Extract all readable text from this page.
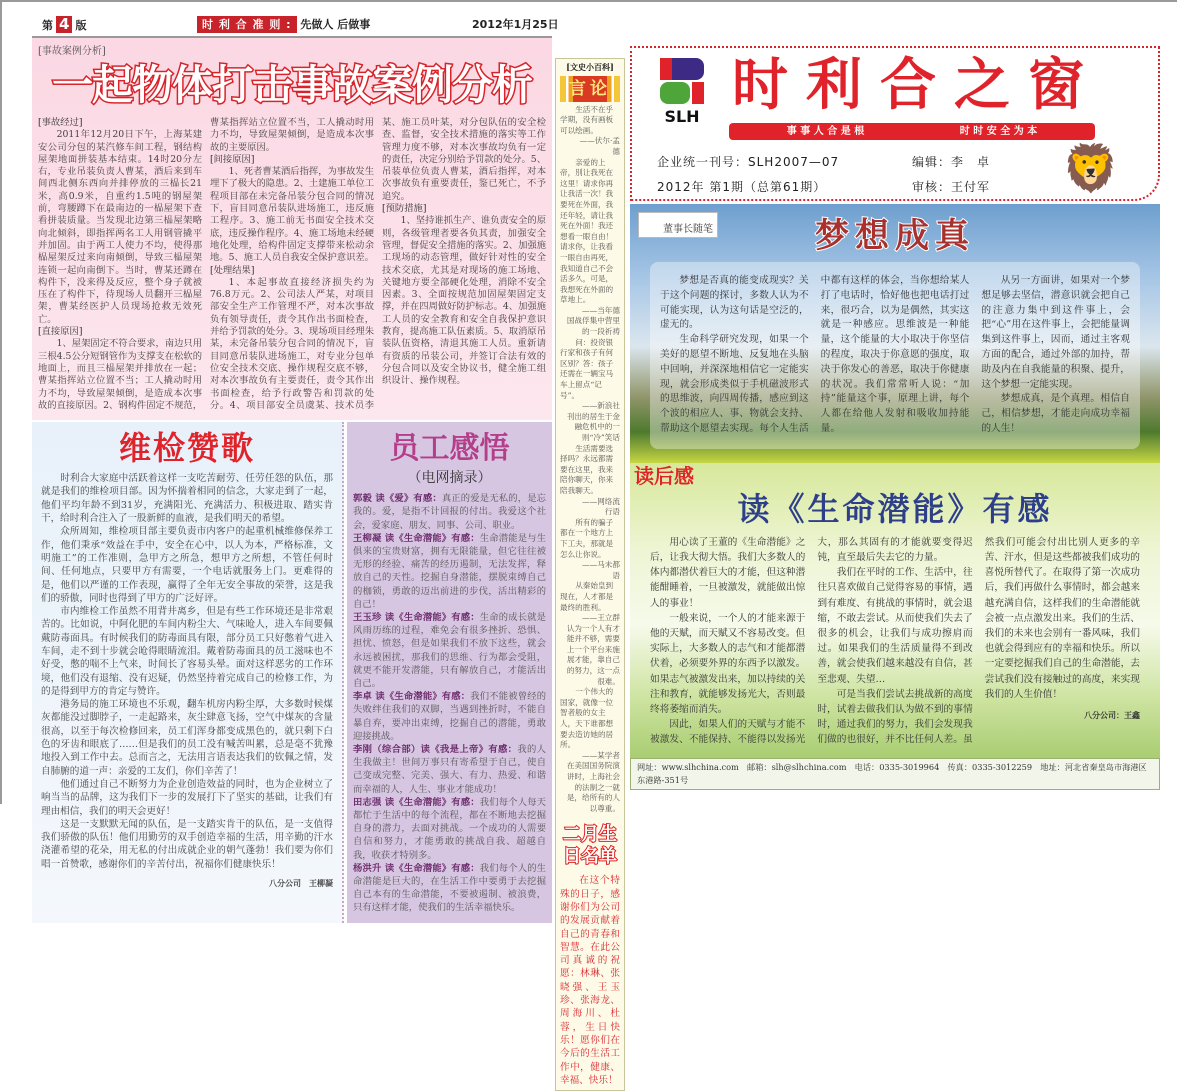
第 4 版	时 利 合 准 则 : 先做人 后做事	2012年1月25日
[事故案例分析]
一起物体打击事故案例分析

[事故经过]

2011年12月20日下午，上海某建安公司分包的某汽修车间工程，钢结构屋架地面拼装基本结束。14时20分左右，专业吊装负责人曹某，酒后来到车间西北侧东西向并排停放的三榀长21米，高0.9米，自重约1.5吨的钢屋架前，弯腰蹲下在最南边的一榀屋架下查看拼装质量。当发现北边第三榀屋架略向北倾斜，即指挥两名工人用钢管撬平并加固。由于两工人使力不均，使得那榀屋架反过来向南倾倒，导致三榀屋架连锁一起向南倒下。当时，曹某还蹲在构件下，没来得及反应，整个身子就被压在了构件下，待现场人员翻开三榀屋架，曹某经医护人员现场抢救无效死亡。

[直接原因]

1、屋架固定不符合要求，南边只用三根4.5公分短钢管作为支撑支在松软的地面上，而且三榀屋架并排放在一起；曹某指挥站立位置不当；工人撬动时用力不均，导致屋架倾倒，是造成本次事故的直接原因。2、钢构件固定不规范，曹某指挥站立位置不当，工人撬动时用力不均，导致屋架倾倒，是造成本次事故的主要原因。

[间接原因]

1、死者曹某酒后指挥，为事故发生埋下了极大的隐患。2、土建施工单位工程项目部在未完备吊装分包合同的情况下，盲目同意吊装队进场施工，违反施工程序。3、施工前无书面安全技术交底，违反操作程序。4、施工场地未经硬地化处理，给构件固定支撑带来松动余地。5、施工人员自我安全保护意识差。

[处理结果]

1、本起事故直接经济损失约为76.8万元。2、公司法人严某，对项目部安全生产工作管理不严，对本次事故负有领导责任，责令其作出书面检查，并给予罚款的处分。3、现场项目经理朱某，未完备吊装分包合同的情况下，盲目同意吊装队进场施工，对专业分包单位安全技术交底、操作规程交底不够，对本次事故负有主要责任，责令其作出书面检查，给予行政警告和罚款的处分。4、项目部安全员虞某、技术员李某、施工员叶某，对分包队伍的安全检查、监督，安全技术措施的落实等工作管理力度不够，对本次事故均负有一定的责任，决定分别给予罚款的处分。5、吊装单位负责人曹某，酒后指挥，对本次事故负有重要责任，鉴已死亡，不予追究。

[预防措施]

1、坚持谁抓生产、谁负责安全的原则，各级管理者要各负其责，加强安全管理，督促安全措施的落实。2、加强施工现场的动态管理，做好针对性的安全技术交底，尤其是对现场的施工场地、关键地方要全部硬化处理，消除不安全因素。3、全面按规范加固屋架固定支撑，并在四周做好防护标志。4、加强施工人员的安全教育和安全自我保护意识教育，提高施工队伍素质。5、取消原吊装队伍资格，清退其施工人员。重新请有资质的吊装公司，并签订合法有效的分包合同以及安全协议书，健全施工组织设计、操作规程。

维检赞歌

时利合大家庭中活跃着这样一支吃苦耐劳、任劳任怨的队伍，那就是我们的维检项目部。因为怀揣着相同的信念，大家走到了一起，他们平均年龄不到31岁，充满阳光、充满活力、积极进取、踏实肯干，给时利合注入了一股新鲜的血液，是我们明天的希望。

众所周知，维检项目部主要负责市内客户的起重机械维修保养工作，他们秉承“效益在手中，安全在心中，以人为本，严格标准，文明施工”的工作准则，急甲方之所急，想甲方之所想，不管任何时间、任何地点，只要甲方有需要，一个电话就服务上门。更难得的是，他们以严谨的工作表现，赢得了全年无安全事故的荣誉，这是我们的骄傲，同时也得到了甲方的广泛好评。

市内维检工作虽然不用背井离乡，但是有些工作环境还是非常艰苦的。比如说，中阿化肥的车间内粉尘大、气味呛人，进入车间要佩戴防毒面具。有时候我们的防毒面具有限，部分员工只好憋着气进入车间，走不到十步就会呛得眼睛流泪。戴着防毒面具的员工滋味也不好受，憋的喘不上气来，时间长了容易头晕。面对这样恶劣的工作环境，他们没有退缩、没有迟疑，仍然坚持着完成自己的检修工作，为的是得到甲方的肯定与赞许。

港务局的施工环境也不乐观，翻车机房内粉尘厚，大多数时候煤灰都能没过脚脖子，一走起路来，灰尘肆意飞扬，空气中煤灰的含量很高，以至于每次检修回来，员工们浑身都变成黑色的，就只剩下白色的牙齿和眼底了……但是我们的员工没有喊苦叫累，总是毫不犹豫地投入到工作中去。总而言之，无法用言语表达我们的钦佩之情，发自肺腑的道一声：亲爱的工友们，你们辛苦了！

他们通过自己不断努力为企业创造效益的同时，也为企业树立了响当当的品牌，这为我们下一步的发展打下了坚实的基础，让我们有理由相信，我们的明天会更好！

这是一支默默无闻的队伍，是一支踏实肯干的队伍，是一支值得我们骄傲的队伍！他们用勤劳的双手创造幸福的生活，用辛勤的汗水浇灌希望的花朵，用无私的付出成就企业的朝气蓬勃！我们要为你们唱一首赞歌，感谢你们的辛苦付出，祝福你们健康快乐！

八分公司　王柳凝
员工感悟
（电网摘录）
郭毅 读《爱》有感：真正的爱是无私的，是忘我的。爱，是指不计回报的付出。我爱这个社会，爱家庭、朋友、同事、公司、职业。
王柳凝 读《生命潜能》有感：生命潜能是与生俱来的宝贵财富，拥有无限能量，但它往往被无形的经验、痛苦的经历遏制，无法发挥，释放自己的天性。挖掘自身潜能，摆脱束缚自己的枷锁，勇敢的迈出前进的步伐，活出精彩的自己！
王玉珍 读《生命潜能》有感：生命的成长就是风雨历练的过程，难免会有很多挫折、恐惧、担忧、愤怒，但是如果我们不放下这些，就会永远被困扰，那我们的思维、行为都会受阻，就更不能开发潜能，只有解放自己，才能活出自己。
李卓 读《生命潜能》有感：我们不能被曾经的失败绊住我们的双脚，当遇到挫折时，不能自暴自弃，要冲出束缚，挖掘自己的潜能，勇敢迎接挑战。
李刚（综合部）读《我是上帝》有感：我的人生我做主！世间万事只有寄希望于自己，使自己变成完整、完美、强大、有力、热爱、和谐而幸福的人，人生、事业才能成功！
田志强 读《生命潜能》有感：我们每个人每天都忙于生活中的每个流程，都在不断地去挖掘自身的潜力，去面对挑战。一个成功的人需要自信和努力，才能勇敢的挑战自我、超越自我，收获才特别多。
杨洪升 读《生命潜能》有感：我们每个人的生命潜能是巨大的，在生活工作中要勇于去挖掘自己本有的生命潜能，不要被遏制、被浪费，只有这样才能，使我们的生活幸福快乐。
[文史小百科]
言论

生活不在乎学期，没有画板可以绘画。

——伏尔·孟德

亲爱的上帝，別让我死在这里！请求你再让我活一次！我要死在外面，我还年轻，请让我死在外面！我还想看一眼自由！请求你，让我看一眼自由再死，我知道自己不会活多久，可是，我想死在外面的草地上。

——当年德国战俘集中营里的一段祈祷

问：投资银行家和孩子有何区别？答：孩子还需在一辆宝马车上留点“记号”。

——新浪社刊出的居生于金融危机中的一则“冷”笑话

生活需要选择吗？永远都需要在这里，我来陪你聊天，你来陪我聊天。

——网络流行语

所有的骗子都在一个地方上下工夫，那就是怎么让你说。

——马未都语

从秦始皇到现在，人才都是最终的胜利。

——王立群认为一个人有才能并不够，需要上一个平台来施展才能，靠自己的努力，这一点很难。

一个伟大的国家，就像一位智者般的女主人，天下谁都想要去造访她的居所。

——某学者在美国国务院演讲时，上海社会的法制之一就是，给所有的人以尊重。

二月生
日名单
在这个特殊的日子，感谢你们为公司的发展贡献着自己的青春和智慧。在此公司真诚的祝愿：林琳、张晓强、王玉珍、张海龙、周海川、杜蓉，生日快乐！愿你们在今后的生活工作中，健康、幸福、快乐！
SLH 时利合之窗
事 事 人 合 是 根	时 时 安 全 为 本
企业统一刊号：SLH2007—07
2012年 第1期（总第61期）
编辑：李　卓
审核：王付军 🦁
董事长随笔	梦想成真

梦想是否真的能变成现实？关于这个问题的探讨，多数人认为不可能实现，认为这句话是空泛的，虚无的。

生命科学研究发现，如果一个美好的愿望不断地、反复地在头脑中回响，并深深地相信它一定能实现，就会形成类似于手机磁波形式的思维波，向四周传播，感应到这个波的相应人、事、物就会支持、帮助这个愿望去实现。每个人生活中都有这样的体会，当你想给某人打了电话时，恰好他也把电话打过来，很巧合，以为是偶然，其实这就是一种感应。思维波是一种能量，这个能量的大小取决于你坚信的程度，取决于你意愿的强度，取决于你发心的善恶，取决于你健康的状况。我们常常听人说：“加持”能量这个事，原理上讲，每个人都在给他人发射和吸收加持能量。

从另一方面讲，如果对一个梦想足够去坚信，潜意识就会把自己的注意力集中到这件事上，会把“心”用在这件事上，会把能量调集到这件事上，因而，通过主客观方面的配合，通过外部的加持，帮助及内在自我能量的积聚、提升，这个梦想一定能实现。

梦想成真，是个真理。相信自己，相信梦想，才能走向成功幸福的人生！

读后感
读《生命潜能》有感

用心读了王董的《生命潜能》之后，让我大彻大悟。我们大多数人的体内都潜伏着巨大的才能，但这种潜能酣睡着，一旦被激发，就能做出惊人的事业！

一般来说，一个人的才能来源于他的天赋，而天赋又不容易改变。但实际上，大多数人的志气和才能都潜伏着，必须要外界的东西予以激发。如果志气被激发出来，加以持续的关注和教育，就能够发扬光大，否则最终将萎缩而消失。

因此，如果人们的天赋与才能不被激发、不能保持、不能得以发扬光大，那么其固有的才能就要变得迟钝，直至最后失去它的力量。

我们在平时的工作、生活中，往往只喜欢做自己觉得容易的事情，遇到有难度、有挑战的事情时，就会退缩，不敢去尝试。从而使我们失去了很多的机会，让我们与成功擦肩而过。如果我们的生活质量得不到改善，就会使我们越来越没有自信，甚至悲观、失望…

可是当我们尝试去挑战新的高度时，试着去做我们认为做不到的事情时，通过我们的努力，我们会发现我们做的也很好，并不比任何人差。虽然我们可能会付出比别人更多的辛苦、汗水，但是这些都被我们成功的喜悦所替代了。在取得了第一次成功后，我们再做什么事情时，都会越来越充满自信，这样我们的生命潜能就会被一点点激发出来。我们的生活、我们的未来也会别有一番风味，我们也就会得到应有的幸福和快乐。所以一定要挖掘我们自己的生命潜能，去尝试我们没有接触过的高度，来实现我们的人生价值！

八分公司：王鑫
网址：www.slhchina.com　邮箱：slh@slhchina.com　电话：0335-3019964　传真：0335-3012259　地址：河北省秦皇岛市海港区东港路-351号
